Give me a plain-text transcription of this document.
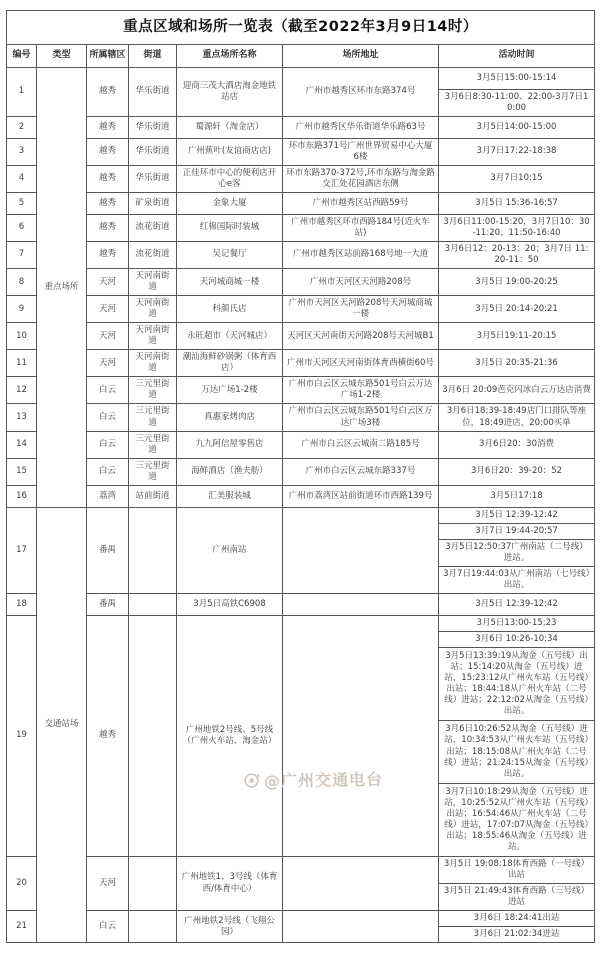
重点区域和场所一览表（截至2022年3月9日14时）						
编号	类型	所属辖区	街道	重点场所名称	场所地址	活动时间
1	重点场所	越秀	华乐街道	迎商三茂大酒店淘金地铁站店	广州市越秀区环市东路374号	3月5日15:00-15:14
						3月6日8:30-11:00、22:00-3月7日10:00
2		越秀	华乐街道	蜀源轩（淘金店）	广州市越秀区华乐街道华乐路63号	3月5日14:00-15:00
3		越秀	华乐街道	广州蕉叶(友谊商店店)	环市东路371号广州世界贸易中心大厦6楼	3月7日17:22-18:38
4		越秀	华乐街道	正佳环市中心的便利店开心e客	环市东路370-372号,环市东路与淘金路交汇处花园酒店东侧	3月7日10:15
5		越秀	矿泉街道	金象大厦	广州市越秀区站西路59号	3月5日 15:36-16:57
6		越秀	流花街道	红棉国际时装城	广州市越秀区环市西路184号(近火车站)	3月6日11:00-15:20，3月7日10：30-11:20、11:50-16:40
7		越秀	流花街道	吴记餐厅	广州市越秀区站前路168号地一大道	3月6日12：20-13：20；3月7日 11:20-11：50
8		天河	天河南街道	天河城商城一楼	广州市天河区天河路208号	3月5日 19:00-20:25
9		天河	天河南街道	科颜氏店	广州市天河区天河路208号天河城商城一楼	3月5日 20:14-20:21
10		天河	天河南街道	永旺超市（天河城店）	天河区天河南街天河路208号天河城B1	3月5日19:11-20:15
11		天河	天河南街道	潮汕海鲜砂锅粥（体育西店）	广州市天河区天河南街体育西横街60号	3月5日 20:35-21:36
12		白云	三元里街道	万达广场1-2楼	广州市白云区云城东路501号白云万达广场1-2楼	3月6日 20:09芭克闪冰白云万达店消费
13		白云	三元里街道	真惠家烤肉店	广州市白云区云城东路501号白云区万达广场3楼	3月6日18:39-18:49店门口排队等座位，18:49进店，20:00买单
14		白云	三元里街道	九九阿信屋零售店	广州市白云区云城南二路185号	3月6日20：30消费
15		白云	三元里街道	海鲜酒店（渔夫舫）	广州市白云区云城东路337号	3月6日20：39-20：52
16		荔湾	站前街道	汇美服装城	广州市荔湾区站前街道环市西路139号	3月5日17:18
17	交通站场	番禺		广州南站		3月5日 12:39-12:42
						3月7日 19:44-20:57
						3月5日12:50:37广州南站（二号线）进站。
						3月7日19:44:03从广州南站（七号线）出站。
18		番禺		3月5日高铁C6908		3月5日 12:39-12:42
19		越秀		广州地铁2号线、5号线（广州火车站、淘金站）		3月5日13:00-15:23
						3月6日 10:26-10:34
						3月5日13:39:19从淘金（五号线）出站；15:14:20从淘金（五号线）进站，15:23:12从广州火车站（五号线）出站；18:44:18从广州火车站（二号线）进站；22:12:02从淘金（五号线）出站。
						3月6日10:26:52从淘金（五号线）进站，10:34:53从广州火车站（五号线）出站；18:15:08从广州火车站（二号线）进站；21:24:15从淘金（五号线）出站。
						3月7日10:18:29从淘金（五号线）进站，10:25:52从广州火车站（五号线）出站；16:54:46从广州火车站（二号线）进站，17:07:07从淘金（五号线）出站；18:55:46从淘金（五号线）进站。
20		天河		广州地铁1、3号线（体育西/体育中心）		3月5日 19:08:18体育西路（一号线）出站
						3月5日 21:49:43体育西路（三号线）进站
21		白云		广州地铁2号线（飞翔公园）		3月6日 18:24:41出站
						3月6日 21:02:34进站
@广州交通电台
